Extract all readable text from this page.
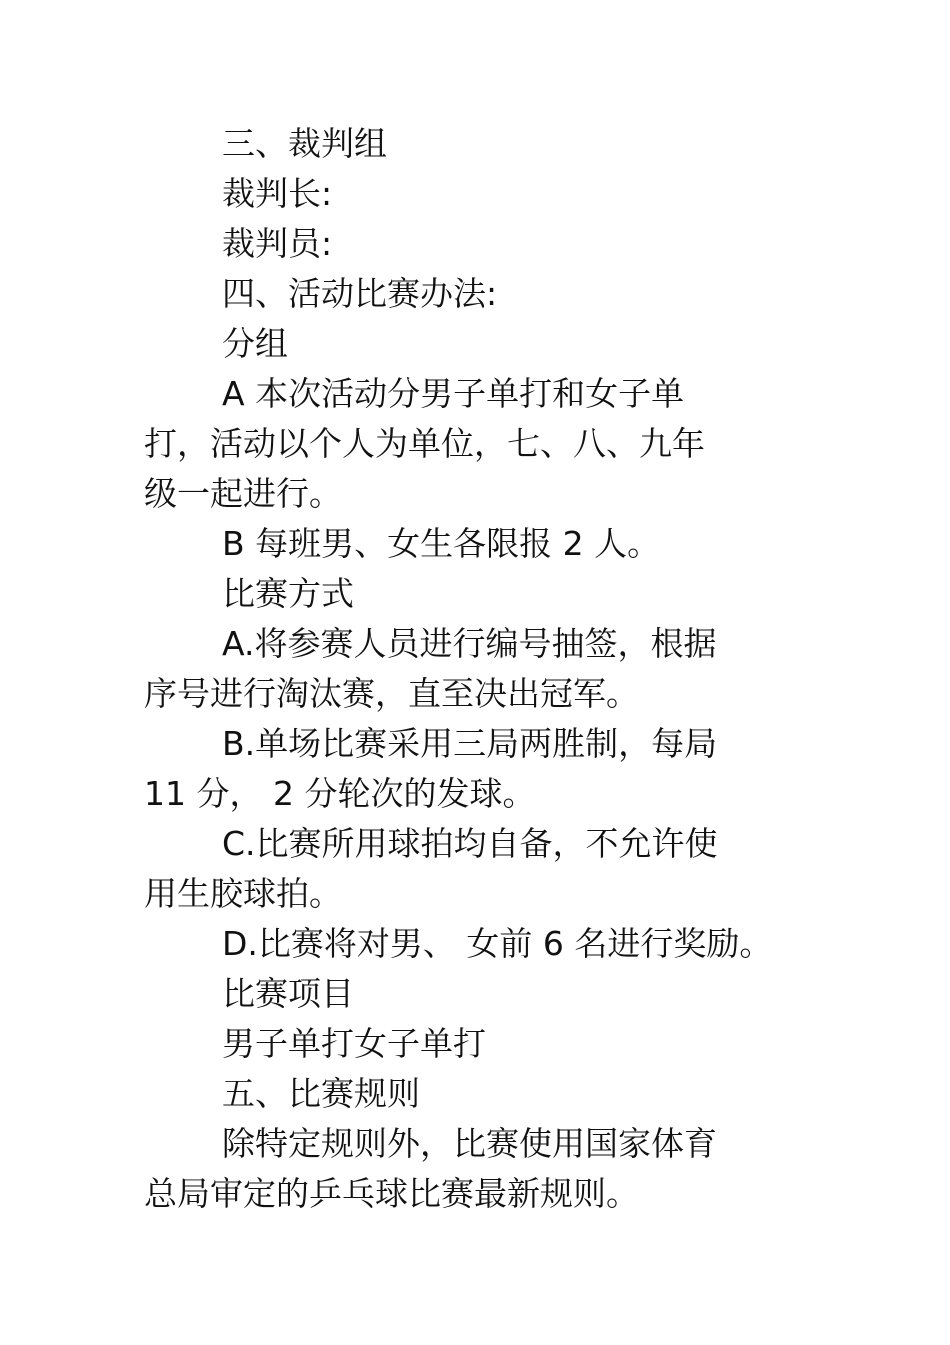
三、裁判组
裁判长:
裁判员:
四、活动比赛办法:
分组
A 本次活动分男子单打和女子单
打，活动以个人为单位，七、八、九年
级一起进行。
B 每班男、女生各限报 2 人。
比赛方式
A.将参赛人员进行编号抽签，根据
序号进行淘汰赛，直至决出冠军。
B.单场比赛采用三局两胜制，每局
11 分， 2 分轮次的发球。
C.比赛所用球拍均自备，不允许使
用生胶球拍。
D.比赛将对男、 女前 6 名进行奖励。
比赛项目
男子单打女子单打
五、比赛规则
除特定规则外，比赛使用国家体育
总局审定的乒乓球比赛最新规则。
